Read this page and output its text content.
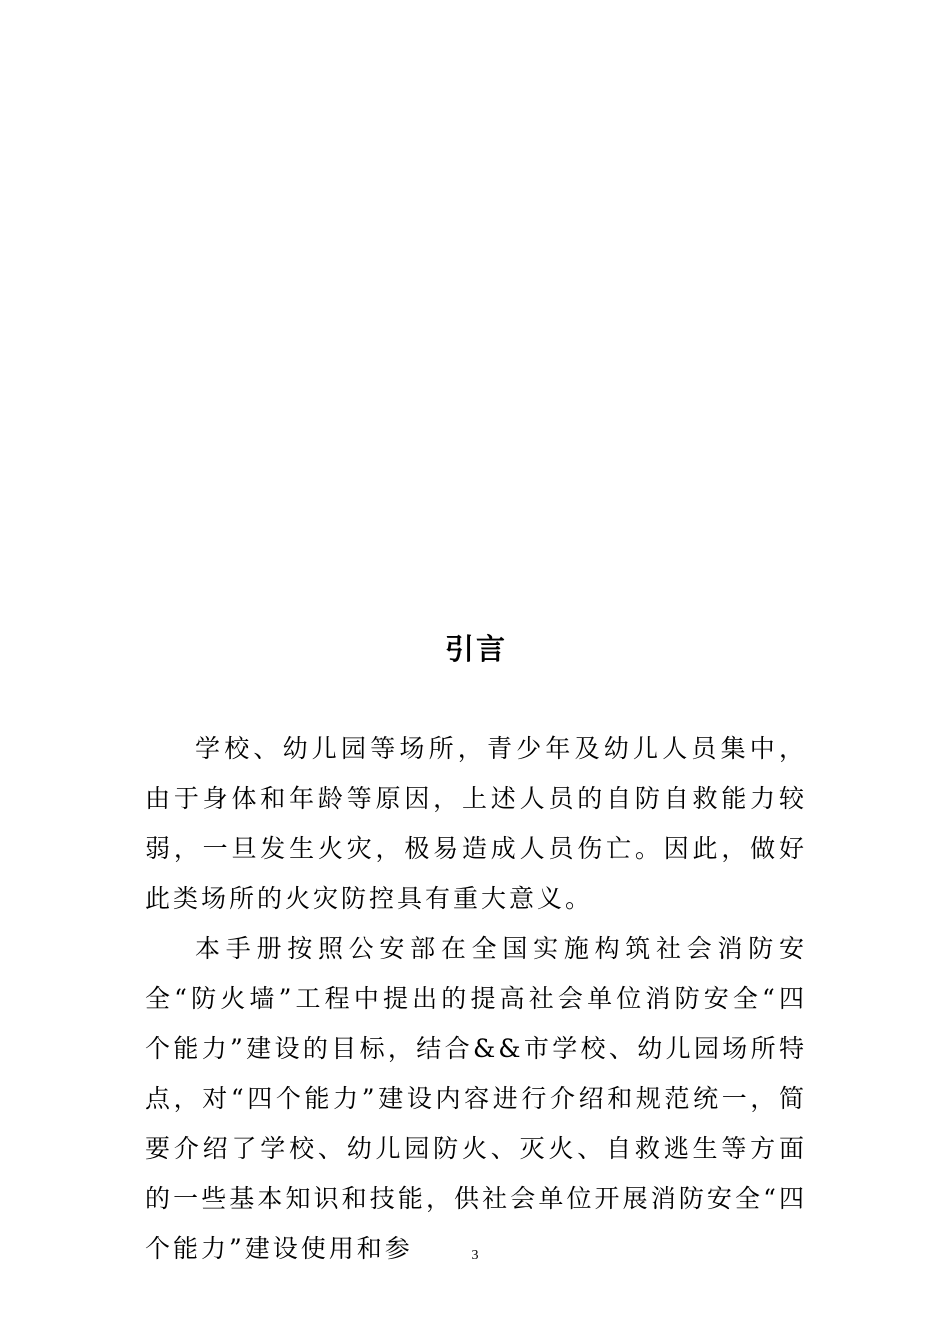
引言

学校、幼儿园等场所，青少年及幼儿人员集中，由于身体和年龄等原因，上述人员的自防自救能力较弱，一旦发生火灾，极易造成人员伤亡。因此，做好此类场所的火灾防控具有重大意义。

本手册按照公安部在全国实施构筑社会消防安全“防火墙”工程中提出的提高社会单位消防安全“四个能力”建设的目标，结合&&市学校、幼儿园场所特点，对“四个能力”建设内容进行介绍和规范统一，简要介绍了学校、幼儿园防火、灭火、自救逃生等方面的一些基本知识和技能，供社会单位开展消防安全“四个能力”建设使用和参	3
